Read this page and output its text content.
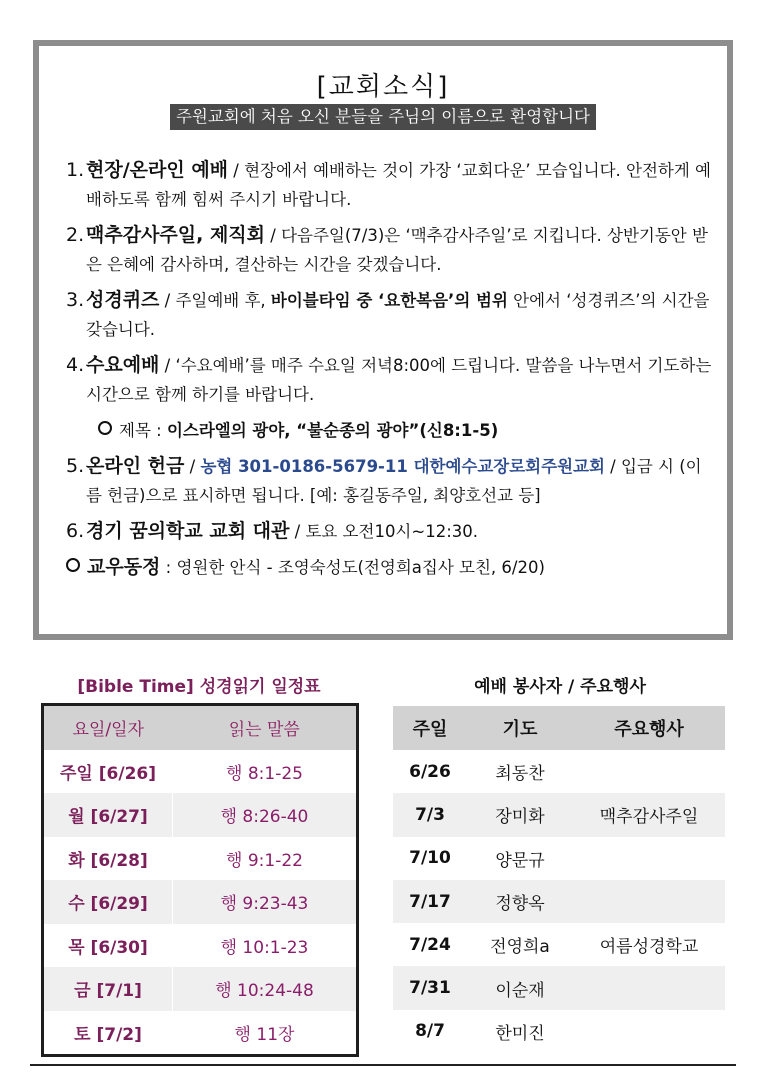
[교회소식]
주원교회에 처음 오신 분들을 주님의 이름으로 환영합니다
1. 현장/온라인 예배 / 현장에서 예배하는 것이 가장 ‘교회다운’ 모습입니다. 안전하게 예배하도록 함께 힘써 주시기 바랍니다.
2. 맥추감사주일, 제직회 / 다음주일(7/3)은 ‘맥추감사주일’로 지킵니다. 상반기동안 받은 은혜에 감사하며, 결산하는 시간을 갖겠습니다.
3. 성경퀴즈 / 주일예배 후, 바이블타임 중 ‘요한복음’의 범위 안에서 ‘성경퀴즈’의 시간을 갖습니다.
4. 수요예배 / ‘수요예배’를 매주 수요일 저녁8:00에 드립니다. 말씀을 나누면서 기도하는 시간으로 함께 하기를 바랍니다.
제목 : 이스라엘의 광야, “불순종의 광야”(신8:1-5)
5. 온라인 헌금 / 농협 301-0186-5679-11 대한예수교장로회주원교회 / 입금 시 (이름 헌금)으로 표시하면 됩니다. [예: 홍길동주일, 최양호선교 등]
6. 경기 꿈의학교 교회 대관 / 토요 오전10시~12:30.
교우동정 : 영원한 안식 - 조영숙성도(전영희a집사 모친, 6/20)
[Bible Time] 성경읽기 일정표
요일/일자	읽는 말씀
주일 [6/26]	행 8:1-25
월 [6/27]	행 8:26-40
화 [6/28]	행 9:1-22
수 [6/29]	행 9:23-43
목 [6/30]	행 10:1-23
금 [7/1]	행 10:24-48
토 [7/2]	행 11장
예배 봉사자 / 주요행사
주일	기도	주요행사
6/26	최동찬	
7/3	장미화	맥추감사주일
7/10	양문규	
7/17	정향옥	
7/24	전영희a	여름성경학교
7/31	이순재	
8/7	한미진	
